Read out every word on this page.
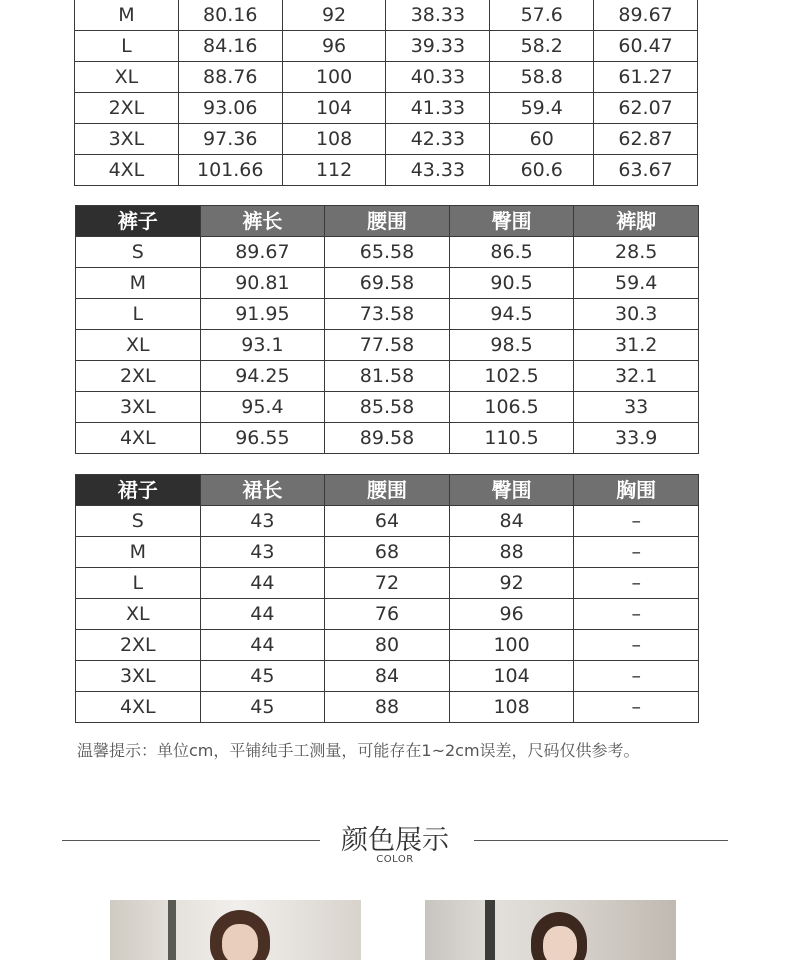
M	80.16	92	38.33	57.6	89.67
L	84.16	96	39.33	58.2	60.47
XL	88.76	100	40.33	58.8	61.27
2XL	93.06	104	41.33	59.4	62.07
3XL	97.36	108	42.33	60	62.87
4XL	101.66	112	43.33	60.6	63.67
裤子	裤长	腰围	臀围	裤脚
S	89.67	65.58	86.5	28.5
M	90.81	69.58	90.5	59.4
L	91.95	73.58	94.5	30.3
XL	93.1	77.58	98.5	31.2
2XL	94.25	81.58	102.5	32.1
3XL	95.4	85.58	106.5	33
4XL	96.55	89.58	110.5	33.9
裙子	裙长	腰围	臀围	胸围
S	43	64	84	–
M	43	68	88	–
L	44	72	92	–
XL	44	76	96	–
2XL	44	80	100	–
3XL	45	84	104	–
4XL	45	88	108	–
温馨提示：单位cm，平铺纯手工测量，可能存在1~2cm误差，尺码仅供参考。
颜色展示
COLOR
